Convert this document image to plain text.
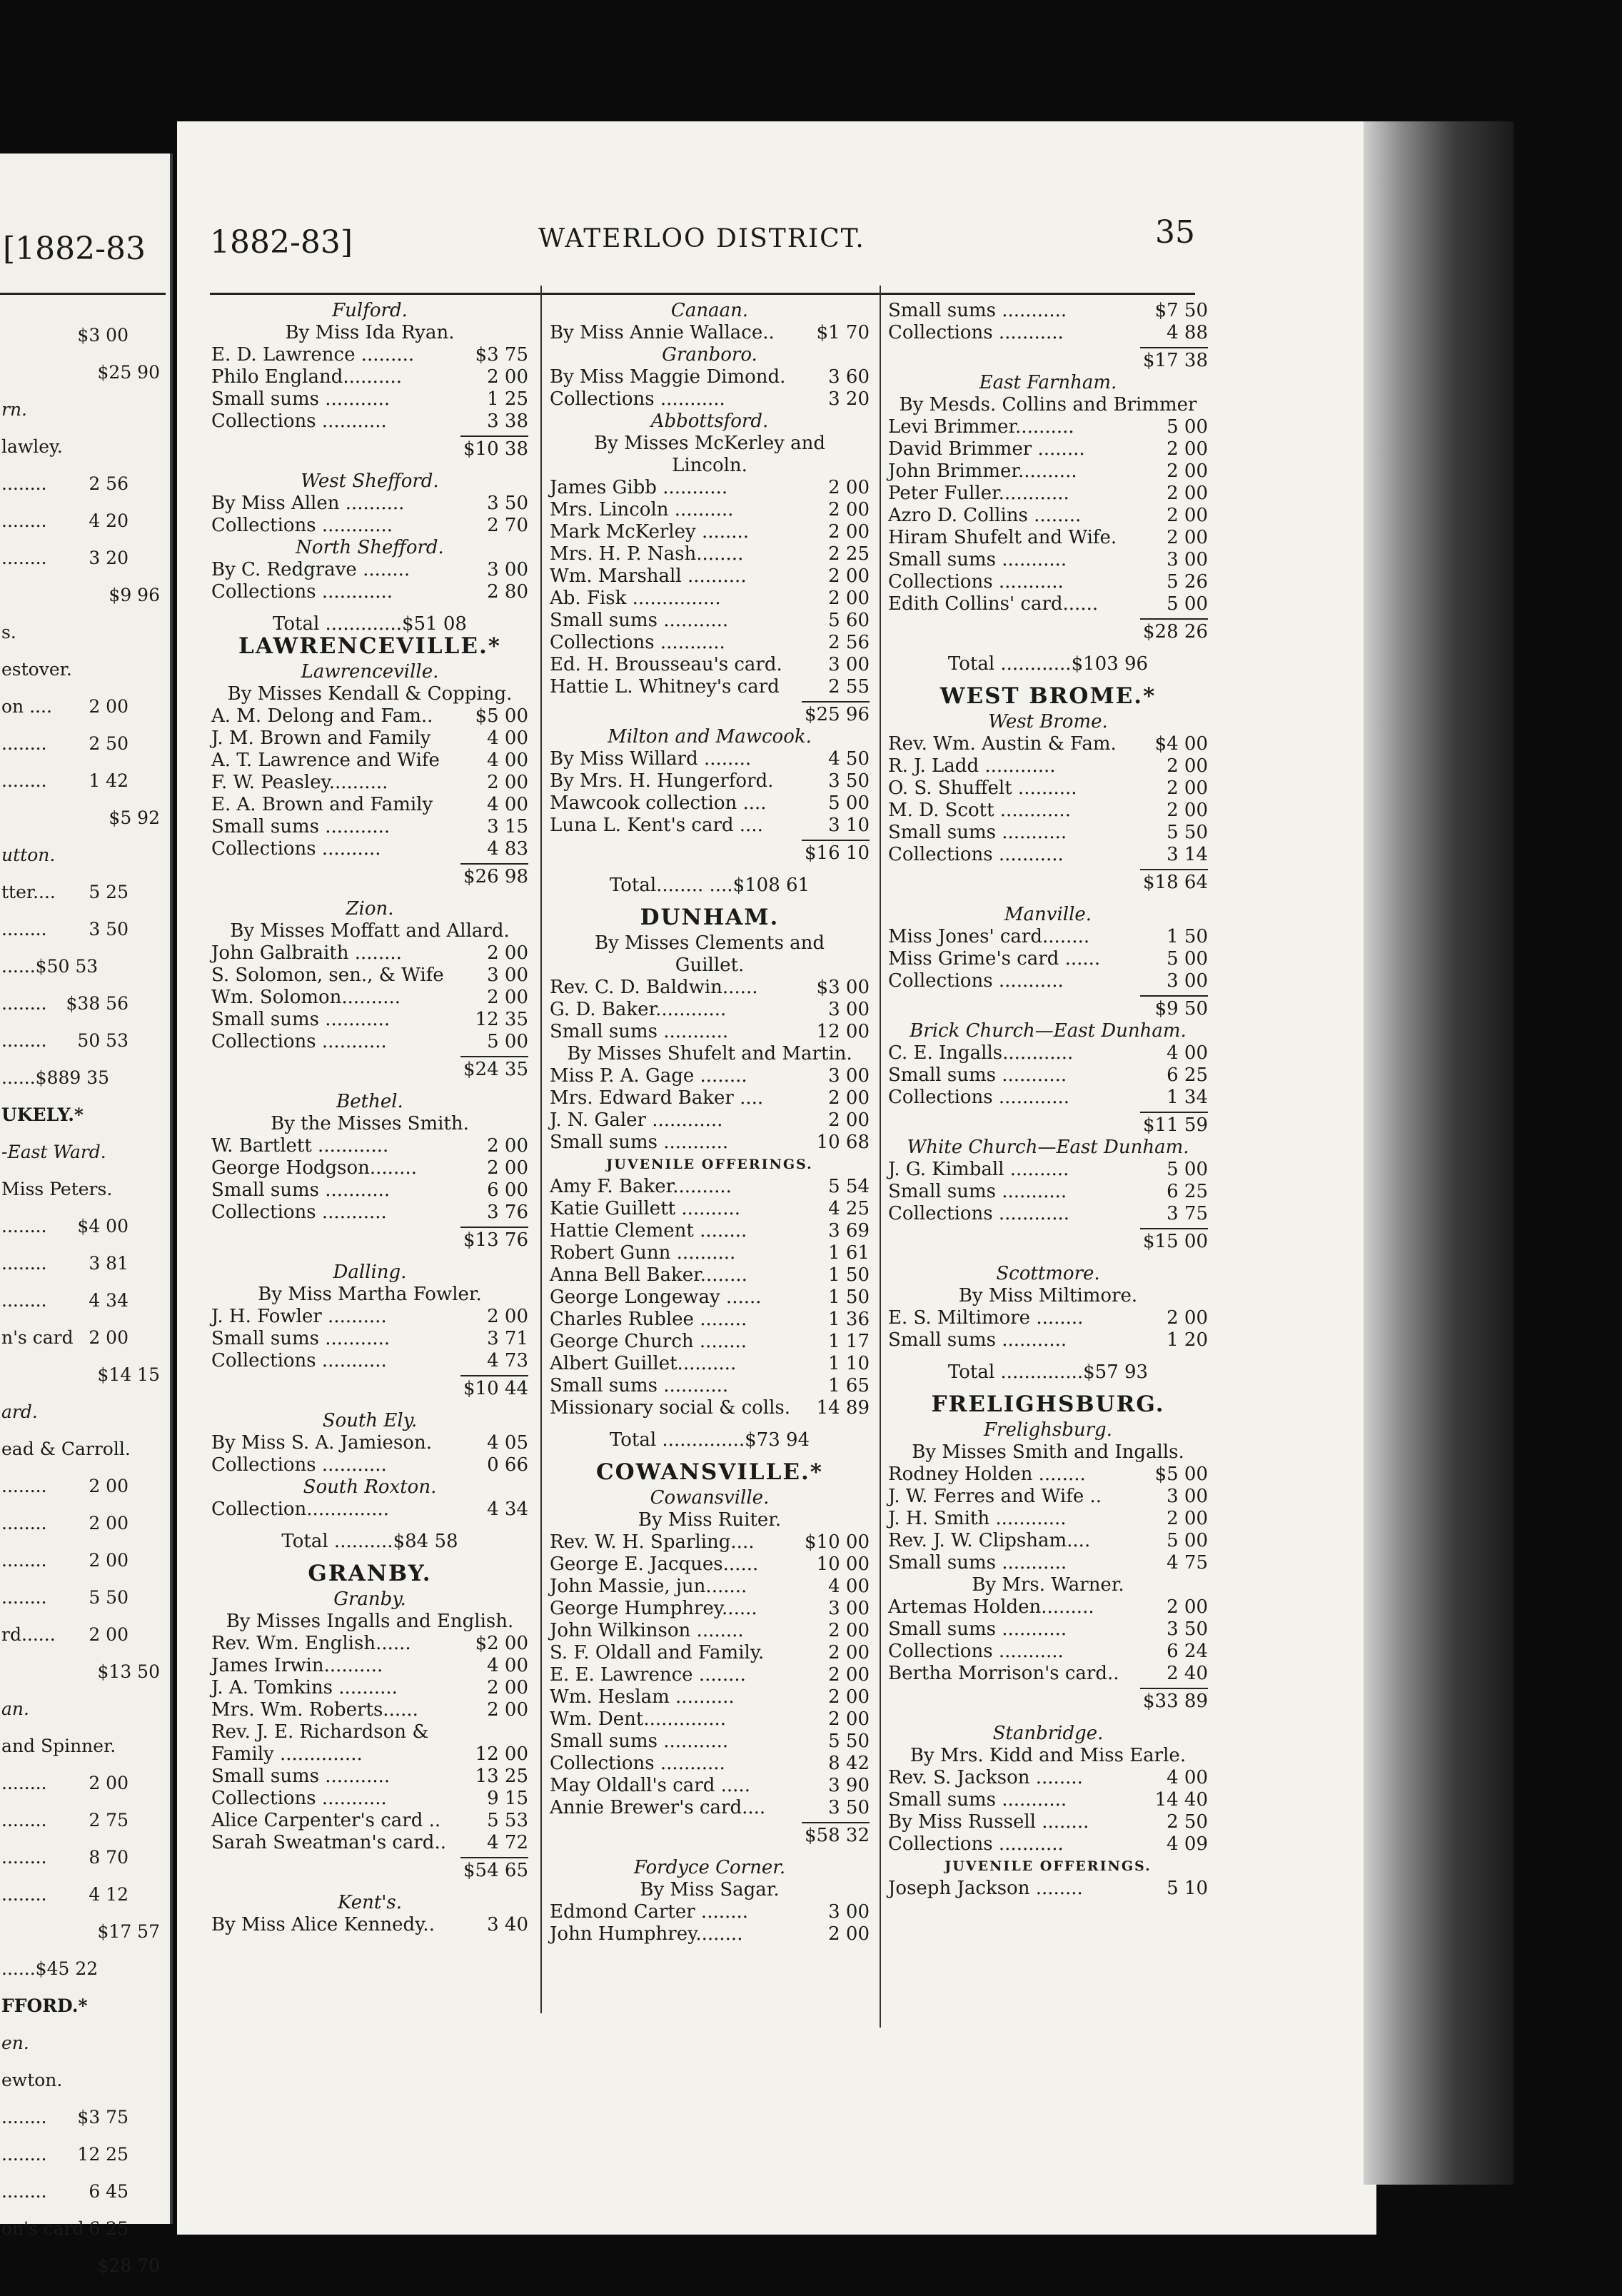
[1882-83
$3 00
$25 90
rn.
lawley.
........ 2 56
........ 4 20
........ 3 20
$9 96
s.
estover.
on .... 2 00
........ 2 50
........ 1 42
$5 92
utton.
tter.... 5 25
........ 3 50
......$50 53
........ $38 56
........ 50 53
......$889 35
UKELY.*
-East Ward.
Miss Peters.
........ $4 00
........ 3 81
........ 4 34
n's card 2 00
$14 15
ard.
ead & Carroll.
........ 2 00
........ 2 00
........ 2 00
........ 5 50
rd...... 2 00
$13 50
an.
and Spinner.
........ 2 00
........ 2 75
........ 8 70
........ 4 12
$17 57
......$45 22
FFORD.*
en.
ewton.
........ $3 75
........ 12 25
........ 6 45
on's card 6 25
$28 70
1882-83]	WATERLOO DISTRICT.	35
Fulford.
By Miss Ida Ryan.
E. D. Lawrence .........	$3 75
Philo England..........	2 00
Small sums ...........	1 25
Collections ...........	3 38
$10 38
West Shefford.
By Miss Allen ..........	3 50
Collections ............	2 70
North Shefford.
By C. Redgrave ........	3 00
Collections ............	2 80
Total .............$51 08
LAWRENCEVILLE.*
Lawrenceville.
By Misses Kendall & Copping.
A. M. Delong and Fam.. $5 00
J. M. Brown and Family	4 00
A. T. Lawrence and Wife	4 00
F. W. Peasley..........	2 00
E. A. Brown and Family	4 00
Small sums ...........	3 15
Collections ..........	4 83
$26 98
Zion.
By Misses Moffatt and Allard.
John Galbraith ........	2 00
S. Solomon, sen., & Wife 3 00
Wm. Solomon..........	2 00
Small sums ...........	12 35
Collections ...........	5 00
$24 35
Bethel.
By the Misses Smith.
W. Bartlett ............	2 00
George Hodgson........	2 00
Small sums ...........	6 00
Collections ...........	3 76
$13 76
Dalling.
By Miss Martha Fowler.
J. H. Fowler ..........	2 00
Small sums ...........	3 71
Collections ...........	4 73
$10 44
South Ely.
By Miss S. A. Jamieson.	4 05
Collections ...........	0 66
South Roxton.
Collection..............	4 34
Total ..........$84 58
GRANBY.
Granby.
By Misses Ingalls and English.
Rev. Wm. English......	$2 00
James Irwin..........	4 00
J. A. Tomkins ..........	2 00
Mrs. Wm. Roberts......	2 00
Rev. J. E. Richardson &
Family ..............	12 00
Small sums ...........	13 25
Collections ...........	9 15
Alice Carpenter's card .. 5 53
Sarah Sweatman's card.. 4 72
$54 65
Kent's.
By Miss Alice Kennedy..	3 40
Canaan.
By Miss Annie Wallace.. $1 70
Granboro.
By Miss Maggie Dimond. 3 60
Collections ...........	3 20
Abbottsford.
By Misses McKerley and
Lincoln.
James Gibb ...........	2 00
Mrs. Lincoln ..........	2 00
Mark McKerley ........	2 00
Mrs. H. P. Nash........	2 25
Wm. Marshall ..........	2 00
Ab. Fisk ...............	2 00
Small sums ...........	5 60
Collections ...........	2 56
Ed. H. Brousseau's card. 3 00
Hattie L. Whitney's card	2 55
$25 96
Milton and Mawcook.
By Miss Willard ........	4 50
By Mrs. H. Hungerford.	3 50
Mawcook collection ....	5 00
Luna L. Kent's card ....	3 10
$16 10
Total........ ....$108 61
DUNHAM.
By Misses Clements and
Guillet.
Rev. C. D. Baldwin......	$3 00
G. D. Baker............	3 00
Small sums ...........	12 00
By Misses Shufelt and Martin.
Miss P. A. Gage ........	3 00
Mrs. Edward Baker ....	2 00
J. N. Galer ............	2 00
Small sums ...........	10 68
JUVENILE OFFERINGS.
Amy F. Baker..........	5 54
Katie Guillett ..........	4 25
Hattie Clement ........	3 69
Robert Gunn ..........	1 61
Anna Bell Baker........	1 50
George Longeway ......	1 50
Charles Rublee ........	1 36
George Church ........	1 17
Albert Guillet..........	1 10
Small sums ...........	1 65
Missionary social & colls. 14 89
Total ..............$73 94
COWANSVILLE.*
Cowansville.
By Miss Ruiter.
Rev. W. H. Sparling....	$10 00
George E. Jacques......	10 00
John Massie, jun.......	4 00
George Humphrey......	3 00
John Wilkinson ........	2 00
S. F. Oldall and Family.	2 00
E. E. Lawrence ........	2 00
Wm. Heslam ..........	2 00
Wm. Dent..............	2 00
Small sums ...........	5 50
Collections ...........	8 42
May Oldall's card .....	3 90
Annie Brewer's card....	3 50
$58 32
Fordyce Corner.
By Miss Sagar.
Edmond Carter ........	3 00
John Humphrey........	2 00
Small sums ...........	$7 50
Collections ...........	4 88
$17 38
East Farnham.
By Mesds. Collins and Brimmer
Levi Brimmer..........	5 00
David Brimmer ........	2 00
John Brimmer..........	2 00
Peter Fuller............	2 00
Azro D. Collins ........	2 00
Hiram Shufelt and Wife.	2 00
Small sums ...........	3 00
Collections ...........	5 26
Edith Collins' card......	5 00
$28 26
Total ............$103 96
WEST BROME.*
West Brome.
Rev. Wm. Austin & Fam. $4 00
R. J. Ladd ............	2 00
O. S. Shuffelt ..........	2 00
M. D. Scott ............	2 00
Small sums ...........	5 50
Collections ...........	3 14
$18 64
Manville.
Miss Jones' card........	1 50
Miss Grime's card ......	5 00
Collections ...........	3 00
$9 50
Brick Church—East Dunham.
C. E. Ingalls............	4 00
Small sums ...........	6 25
Collections ............	1 34
$11 59
White Church—East Dunham.
J. G. Kimball ..........	5 00
Small sums ...........	6 25
Collections ............	3 75
$15 00
Scottmore.
By Miss Miltimore.
E. S. Miltimore ........	2 00
Small sums ...........	1 20
Total ..............$57 93
FRELIGHSBURG.
Frelighsburg.
By Misses Smith and Ingalls.
Rodney Holden ........	$5 00
J. W. Ferres and Wife ..	3 00
J. H. Smith ............	2 00
Rev. J. W. Clipsham....	5 00
Small sums ...........	4 75
By Mrs. Warner.
Artemas Holden.........	2 00
Small sums ...........	3 50
Collections ...........	6 24
Bertha Morrison's card..	2 40
$33 89
Stanbridge.
By Mrs. Kidd and Miss Earle.
Rev. S. Jackson ........	4 00
Small sums ...........	14 40
By Miss Russell ........	2 50
Collections ...........	4 09
JUVENILE OFFERINGS.
Joseph Jackson ........	5 10
